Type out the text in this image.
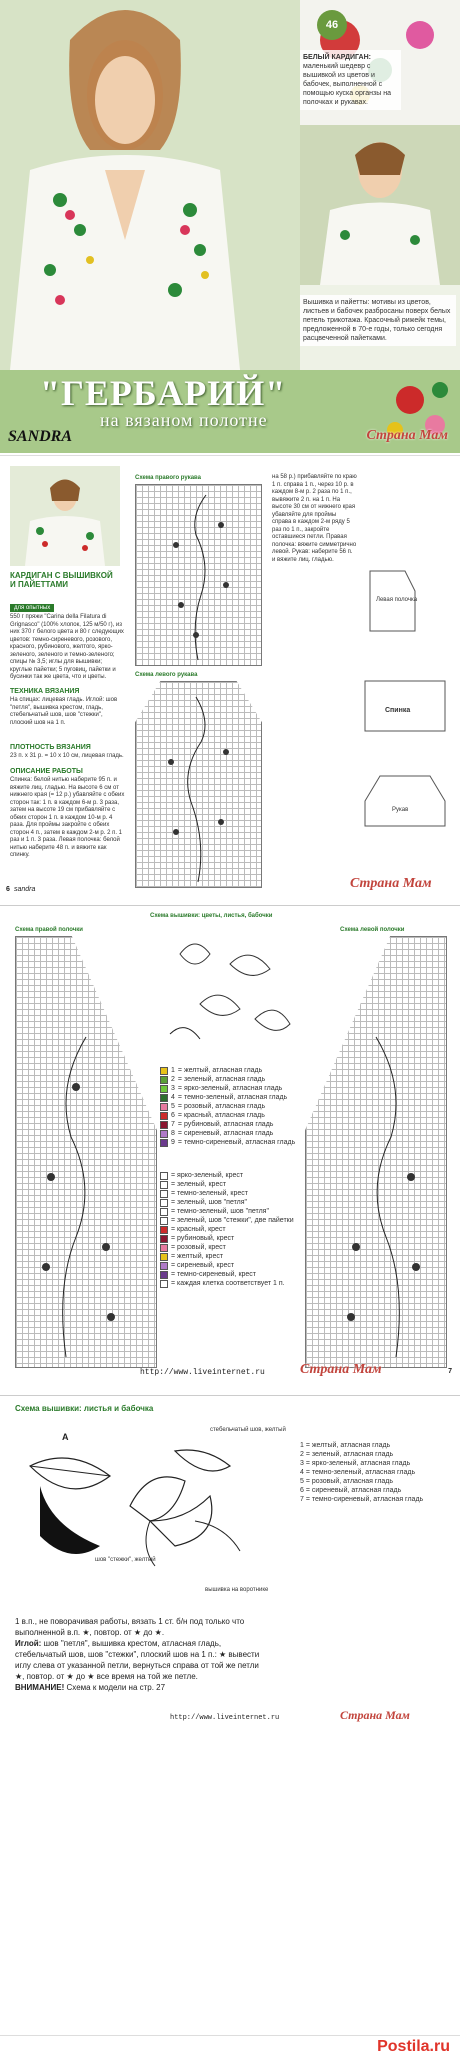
46
БЕЛЫЙ КАРДИГАН: маленький шедевр с вышивкой из цветов и бабочек, выполненной с помощью куска органзы на полочках и рукавах.
Вышивка и пайетты: мотивы из цветов, листьев и бабочек разбросаны поверх белых петель трикотажа. Красочный рижейк темы, предложенной в 70-е годы, только сегодня расцвеченной пайетками.
"ГЕРБАРИЙ"
на вязаном полотне
SANDRA	Страна Мам
КАРДИГАН С ВЫШИВКОЙ И ПАЙЕТТАМИ
для опытных
550 г пряжи "Carina della Filatura di Grignasco" (100% хлопок, 125 м/50 г), из них 370 г белого цвета и 80 г следующих цветов: темно-сиреневого, розового, красного, рубинового, желтого, ярко-зеленого, зеленого и темно-зеленого; спицы № 3,5; иглы для вышивки; круглые пайетки; 5 пуговиц, пайетки и бусинки так же цвета, что и цветы.
ТЕХНИКА ВЯЗАНИЯ
На спицах: лицевая гладь. Иглой: шов "петля", вышивка крестом, гладь, стебельчатый шов, шов "стежки", плоский шов на 1 п.
ПЛОТНОСТЬ ВЯЗАНИЯ
23 п. x 31 р. = 10 x 10 см, лицевая гладь.
ОПИСАНИЕ РАБОТЫ
Спинка: белой нитью наберите 95 п. и вяжите лиц. гладью. На высоте 6 см от нижнего края (= 12 р.) убавляйте с обеих сторон так: 1 п. в каждом 6-м р. 3 раза, затем на высоте 19 см прибавляйте с обеих сторон 1 п. в каждом 10-м р. 4 раза. Для проймы закройте с обеих сторон 4 п., затем в каждом 2-м р. 2 п. 1 раз и 1 п. 3 раза. Левая полочка: белой нитью наберите 48 п. и вяжите как спинку.
Схема правого рукава
Схема левого рукава
на 58 р.) прибавляйте по краю 1 п. справа 1 п., через 10 р. в каждом 8-м р. 2 раза по 1 п., вывяжите 2 п. на 1 п. На высоте 30 см от нижнего края убавляйте для проймы справа в каждом 2-м ряду 5 раз по 1 п., закройте оставшиеся петли. Правая полочка: вяжите симметрично левой. Рукав: наберите 56 п. и вяжите лиц. гладью.
Левая полочка
Спинка
Рукав
6 sandra	Страна Мам
Схема вышивки: цветы, листья, бабочки
Схема правой полочки	Схема левой полочки
1 = желтый, атласная гладь
2 = зеленый, атласная гладь
3 = ярко-зеленый, атласная гладь
4 = темно-зеленый, атласная гладь
5 = розовый, атласная гладь
6 = красный, атласная гладь
7 = рубиновый, атласная гладь
8 = сиреневый, атласная гладь
9 = темно-сиреневый, атласная гладь
= ярко-зеленый, крест
= зеленый, крест
= темно-зеленый, крест
= зеленый, шов "петля"
= темно-зеленый, шов "петля"
= зеленый, шов "стежки", две пайетки
= красный, крест
= рубиновый, крест
= розовый, крест
= желтый, крест
= сиреневый, крест
= темно-сиреневый, крест
= каждая клетка соответствует 1 п.
http://www.liveinternet.ru	Страна Мам	7
Схема вышивки: листья и бабочка
A
стебельчатый шов, желтый
шов "стежки", желтый
вышивка на воротнике
1 = желтый, атласная гладь
2 = зеленый, атласная гладь
3 = ярко-зеленый, атласная гладь
4 = темно-зеленый, атласная гладь
5 = розовый, атласная гладь
6 = сиреневый, атласная гладь
7 = темно-сиреневый, атласная гладь
1 в.п., не поворачивая работы, вязать 1 ст. б/н под только что выполненной в.п. ★, повтор. от ★ до ★.
Иглой: шов "петля", вышивка крестом, атласная гладь, стебельчатый шов, шов "стежки", плоский шов на 1 п.: ★ вывести иглу слева от указанной петли, вернуться справа от той же петли ★, повтор. от ★ до ★ все время на той же петле.
ВНИМАНИЕ! Схема к модели на стр. 27
http://www.liveinternet.ru	Страна Мам
Postila.ru
